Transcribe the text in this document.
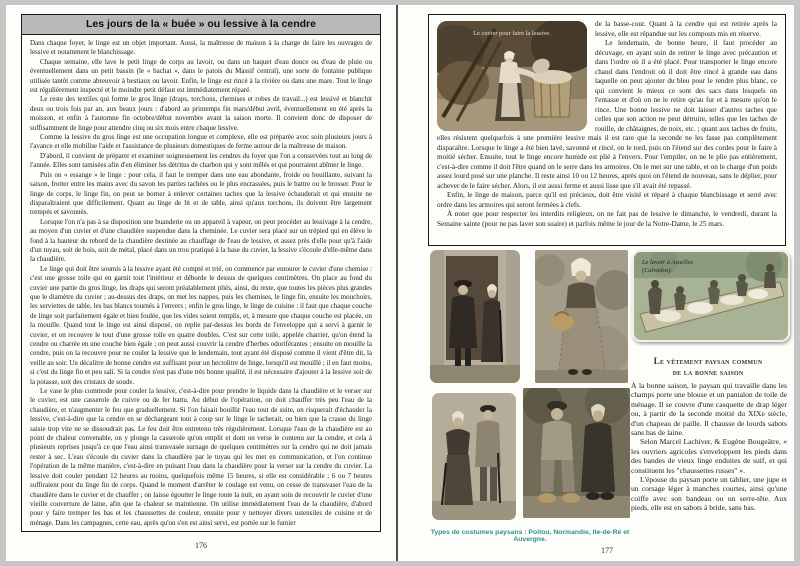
Les jours de la « buée » ou lessive à la cendre

Dans chaque foyer, le linge est un objet important. Aussi, la maîtresse de maison à la charge de faire les ouvrages de lessive et notamment le blanchissage.

Chaque semaine, elle lave le petit linge de corps au lavoir, ou dans un baquet d'eau douce ou d'eau de pluie ou éventuellement dans un petit bassin (le « bachat », dans le patois du Massif central), une sorte de fontaine publique utilisée tantôt comme abreuvoir à bestiaux ou lavoir. Enfin, le linge est rincé à la rivière ou dans une mare. Tout le linge est régulièrement inspecté et le moindre petit défaut est immédiatement réparé.

Le reste des textiles qui forme le gros linge (draps, torchons, chemises et robes de travail...) est lessivé et blanchit deux ou trois fois par an, aux beaux jours : d'abord au printemps fin mars/début avril, éventuellement en été après la moisson, et enfin à l'automne fin octobre/début novembre avant la saison morte. Il convient donc de disposer de suffisamment de linge pour attendre cinq ou six mois entre chaque lessive.

Comme la lessive du gros linge est une occupation longue et complexe, elle est préparée avec soin plusieurs jours à l'avance et elle mobilise l'aide et l'assistance de plusieurs domestiques de ferme autour de la maîtresse de maison.

D'abord, il convient de préparer et examiner soigneusement les cendres du foyer que l'on a conservées tout au long de l'année. Elles sont tamisées afin d'en éliminer les détritus de charbon qui y sont mêlés et qui pourraient abîmer le linge.

Puis on « essange » le linge : pour cela, il faut le tremper dans une eau abondante, froide ou bouillante, suivant la saison, frotter entre les mains avec du savon les parties tachées ou le plus encrassées, puis le battre ou le brosser. Pour le linge de corps, le linge fin, on peut se borner à enlever certaines taches que la lessive échauderait et qui ensuite ne disparaîtraient que difficilement. Quant au linge de lit et de table, ainsi qu'aux torchons, ils doivent être largement trempés et savonnés.

Lorsque l'on n'a pas à sa disposition une buanderie ou un appareil à vapeur, on peut procéder au lessivage à la cendre, au moyen d'un cuvier et d'une chaudière suspendue dans la cheminée. Le cuvier sera placé sur un trépied qui en élève le fond à la hauteur du rebord de la chaudière destinée au chauffage de l'eau de lessive, et assez près d'elle pour qu'à l'aide d'un tuyau, soit de bois, soit de métal, placé dans un trou pratiqué à la base du cuvier, la lessive s'écoule d'elle-même dans la chaudière.

Le linge qui doit être soumis à la lessive ayant été compté et trié, on commence par entourer le cuvier d'une chemise : c'est une grosse toile qui en garnit tout l'intérieur et déborde le dessus de quelques centimètres. On place au fond du cuvier une partie du gros linge, les draps qui seront préalablement pliés, ainsi, du reste, que toutes les pièces plus grandes que le diamètre du cuvier ; au-dessus des draps, on met les nappes, puis les chemises, le linge fin, ensuite les mouchoirs, les serviettes de table, les bas blancs tournés à l'envers ; enfin le gros linge, le linge de cuisine : il faut que chaque couche de linge soit parfaitement égale et bien foulée, que les vides soient remplis, et, à mesure que chaque couche est placée, on la mouille. Quand tout le linge est ainsi disposé, on replie par-dessus les bords de l'enveloppe qui a servi à garnir le cuvier, et on recouvre le tout d'une grosse toile en quatre doubles. C'est sur cette toile, appelée charrier, qu'on étend la cendre ou charrée en une couche bien égale ; on peut aussi couvrir la cendre d'herbes odoriférantes ; ensuite on mouille la cendre, puis on la recouvre pour ne couler la lessive que le lendemain, tout ayant été disposé comme il vient d'être dit, la veille au soir. Un décalitre de bonne cendre est suffisant pour un hectolitre de linge, lorsqu'il est mouillé ; il en faut moins, si c'est du linge fin et peu sali. Si la cendre n'est pas d'une très bonne qualité, il est nécessaire d'ajouter à la lessive soit de la potasse, soit des cristaux de soude.

Le vase le plus commode pour couler la lessive, c'est-à-dire pour prendre le liquide dans la chaudière et le verser sur le cuvier, est une casserole de cuivre ou de fer battu. Au début de l'opération, on doit chauffer très peu l'eau de la chaudière, et n'augmenter le feu que graduellement. Si l'on faisait bouillir l'eau tout de suite, on risquerait d'échauder la lessive, c'est-à-dire que la cendre en se déchargeant tout à coup sur le linge le tacherait, ou bien que la crasse du linge saisie trop vite ne se dissoudrait pas. Le feu doit être entretenu très régulièrement. Lorsque l'eau de la chaudière est au point de chaleur convenable, on y plonge la casserole qu'on emplit et dont on verse le contenu sur la cendre, et cela à plusieurs reprises jusqu'à ce que l'eau ainsi transvasée surnage de quelques centimètres sur la cendre qui ne doit jamais rester à sec. L'eau s'écoule du cuvier dans la chaudière par le tuyau qui les met en communication, et l'on continue l'opération de la même manière, c'est-à-dire en puisant l'eau dans la chaudière pour la verser sur la cendre du cuvier. La lessive doit couler pendant 12 heures au moins, quelquefois même 15 heures, si elle est considérable ; 6 ou 7 heures suffiraient pour du linge fin de corps. Quand le moment d'arrêter le coulage est venu, on cesse de transvaser l'eau de la chaudière dans le cuvier et de chauffer ; on laisse égoutter le linge toute la nuit, en ayant soin de recouvrir le cuvier d'une vieille couverture de laine, afin que la chaleur se maintienne. On utilise immédiatement l'eau de la chaudière, d'abord pour y faire tremper les bas et les chaussettes de couleur, ensuite pour y nettoyer divers ustensiles de cuisine et de ménage. Dans les campagnes, cette eau, après qu'on s'en est ainsi servi, est portée sur le fumier

176
Le cuvier pour faire la lessive.

de la basse-cour. Quant à la cendre qui est retirée après la lessive, elle est répandue sur les composts mis en réserve.

Le lendemain, de bonne heure, il faut procéder au décuvage, en ayant soin de retirer le linge avec précaution et dans l'ordre où il a été placé. Pour transporter le linge encore chaud dans l'endroit où il doit être rincé à grande eau dans laquelle on peut ajouter du bleu pour le rendre plus blanc, ce qui convient le mieux ce sont des sacs dans lesquels on l'entasse et d'où on ne le retire qu'au fur et à mesure qu'on le rince. Une bonne lessive ne doit laisser d'autres taches que celles que son action ne peut détruire, telles que les taches de rouille, de châtaignes, de noix, etc. ; quant aux taches de fruits, elles résistent quelquefois à une première lessive mais il est rare que la seconde ne les fasse pas complètement disparaître. Lorsque le linge a été bien lavé, savonné et rincé, on le tord, puis on l'étend sur des cordes pour le faire à moitié sécher. Ensuite, tout le linge encore humide est plié à l'envers. Pour l'empiler, on ne le plie pas entièrement, c'est-à-dire comme il doit l'être quand on le serre dans les armoires. On le met sur une table, et on le charge d'un poids assez lourd posé sur une planche. Il reste ainsi 10 ou 12 heures, après quoi on l'étend de nouveau, sans le déplier, pour achever de le faire sécher. Alors, il est aussi ferme et aussi lisse que s'il avait été repassé.

Enfin, le linge de maison, parce qu'il est précieux, doit être visité et réparé à chaque blanchissage et serré avec ordre dans les armoires qui seront fermées à clefs.

À noter que pour respecter les interdits religieux, on ne fait pas de lessive le dimanche, le vendredi, durant la Semaine sainte (pour ne pas laver son suaire) et parfois même le jour de la Notre-Dame, le 25 mars.

Le lavoir à Asnelles
(Calvados).
Le vêtement paysan commun
de la bonne saison

À la bonne saison, le paysan qui travaille dans les champs porte une blouse et un pantalon de toile de ménage. Il se couvre d'une casquette de drap léger ou, à partir de la seconde moitié du XIXe siècle, d'un chapeau de paille. Il chausse de lourds sabots sans bas de laine.

Selon Marcel Lachiver, & Eugène Bougeâtre, « les ouvriers agricoles s'enveloppent les pieds dans des bandes de vieux linge enduites de suif, et qui constituent les "chaussettes russes" ».

L'épouse du paysan porte un tablier, une jupe et un corsage léger à manches courtes, ainsi qu'une coiffe avec son bandeau ou un serre-tête. Aux pieds, elle est en sabots à bride, sans bas.

Types de costumes paysans : Poitou, Normandie, Ile-de-Ré et Auvergne.
177
